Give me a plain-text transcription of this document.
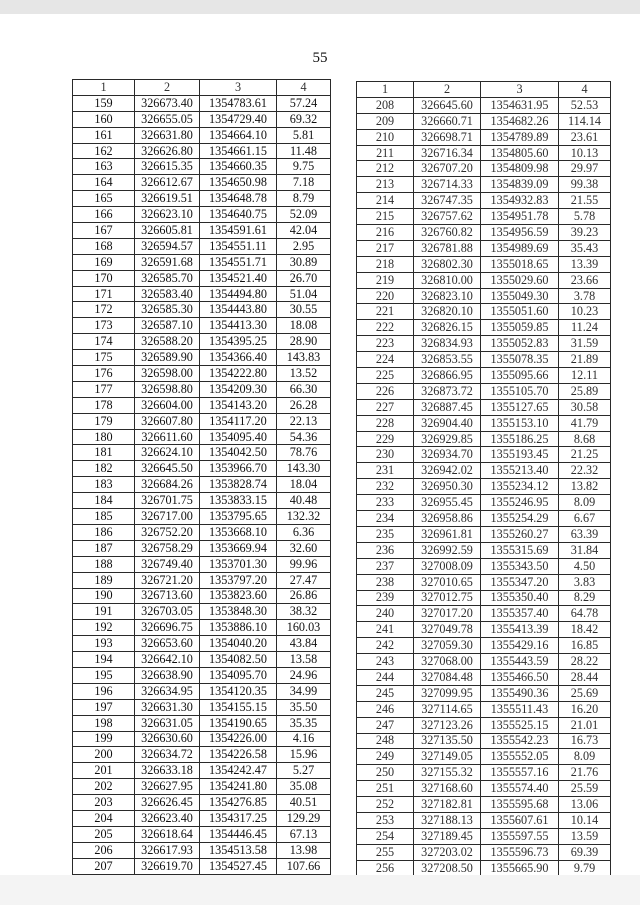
55
1	2	3	4
159	326673.40	1354783.61	57.24
160	326655.05	1354729.40	69.32
161	326631.80	1354664.10	5.81
162	326626.80	1354661.15	11.48
163	326615.35	1354660.35	9.75
164	326612.67	1354650.98	7.18
165	326619.51	1354648.78	8.79
166	326623.10	1354640.75	52.09
167	326605.81	1354591.61	42.04
168	326594.57	1354551.11	2.95
169	326591.68	1354551.71	30.89
170	326585.70	1354521.40	26.70
171	326583.40	1354494.80	51.04
172	326585.30	1354443.80	30.55
173	326587.10	1354413.30	18.08
174	326588.20	1354395.25	28.90
175	326589.90	1354366.40	143.83
176	326598.00	1354222.80	13.52
177	326598.80	1354209.30	66.30
178	326604.00	1354143.20	26.28
179	326607.80	1354117.20	22.13
180	326611.60	1354095.40	54.36
181	326624.10	1354042.50	78.76
182	326645.50	1353966.70	143.30
183	326684.26	1353828.74	18.04
184	326701.75	1353833.15	40.48
185	326717.00	1353795.65	132.32
186	326752.20	1353668.10	6.36
187	326758.29	1353669.94	32.60
188	326749.40	1353701.30	99.96
189	326721.20	1353797.20	27.47
190	326713.60	1353823.60	26.86
191	326703.05	1353848.30	38.32
192	326696.75	1353886.10	160.03
193	326653.60	1354040.20	43.84
194	326642.10	1354082.50	13.58
195	326638.90	1354095.70	24.96
196	326634.95	1354120.35	34.99
197	326631.30	1354155.15	35.50
198	326631.05	1354190.65	35.35
199	326630.60	1354226.00	4.16
200	326634.72	1354226.58	15.96
201	326633.18	1354242.47	5.27
202	326627.95	1354241.80	35.08
203	326626.45	1354276.85	40.51
204	326623.40	1354317.25	129.29
205	326618.64	1354446.45	67.13
206	326617.93	1354513.58	13.98
207	326619.70	1354527.45	107.66
1	2	3	4
208	326645.60	1354631.95	52.53
209	326660.71	1354682.26	114.14
210	326698.71	1354789.89	23.61
211	326716.34	1354805.60	10.13
212	326707.20	1354809.98	29.97
213	326714.33	1354839.09	99.38
214	326747.35	1354932.83	21.55
215	326757.62	1354951.78	5.78
216	326760.82	1354956.59	39.23
217	326781.88	1354989.69	35.43
218	326802.30	1355018.65	13.39
219	326810.00	1355029.60	23.66
220	326823.10	1355049.30	3.78
221	326820.10	1355051.60	10.23
222	326826.15	1355059.85	11.24
223	326834.93	1355052.83	31.59
224	326853.55	1355078.35	21.89
225	326866.95	1355095.66	12.11
226	326873.72	1355105.70	25.89
227	326887.45	1355127.65	30.58
228	326904.40	1355153.10	41.79
229	326929.85	1355186.25	8.68
230	326934.70	1355193.45	21.25
231	326942.02	1355213.40	22.32
232	326950.30	1355234.12	13.82
233	326955.45	1355246.95	8.09
234	326958.86	1355254.29	6.67
235	326961.81	1355260.27	63.39
236	326992.59	1355315.69	31.84
237	327008.09	1355343.50	4.50
238	327010.65	1355347.20	3.83
239	327012.75	1355350.40	8.29
240	327017.20	1355357.40	64.78
241	327049.78	1355413.39	18.42
242	327059.30	1355429.16	16.85
243	327068.00	1355443.59	28.22
244	327084.48	1355466.50	28.44
245	327099.95	1355490.36	25.69
246	327114.65	1355511.43	16.20
247	327123.26	1355525.15	21.01
248	327135.50	1355542.23	16.73
249	327149.05	1355552.05	8.09
250	327155.32	1355557.16	21.76
251	327168.60	1355574.40	25.59
252	327182.81	1355595.68	13.06
253	327188.13	1355607.61	10.14
254	327189.45	1355597.55	13.59
255	327203.02	1355596.73	69.39
256	327208.50	1355665.90	9.79
